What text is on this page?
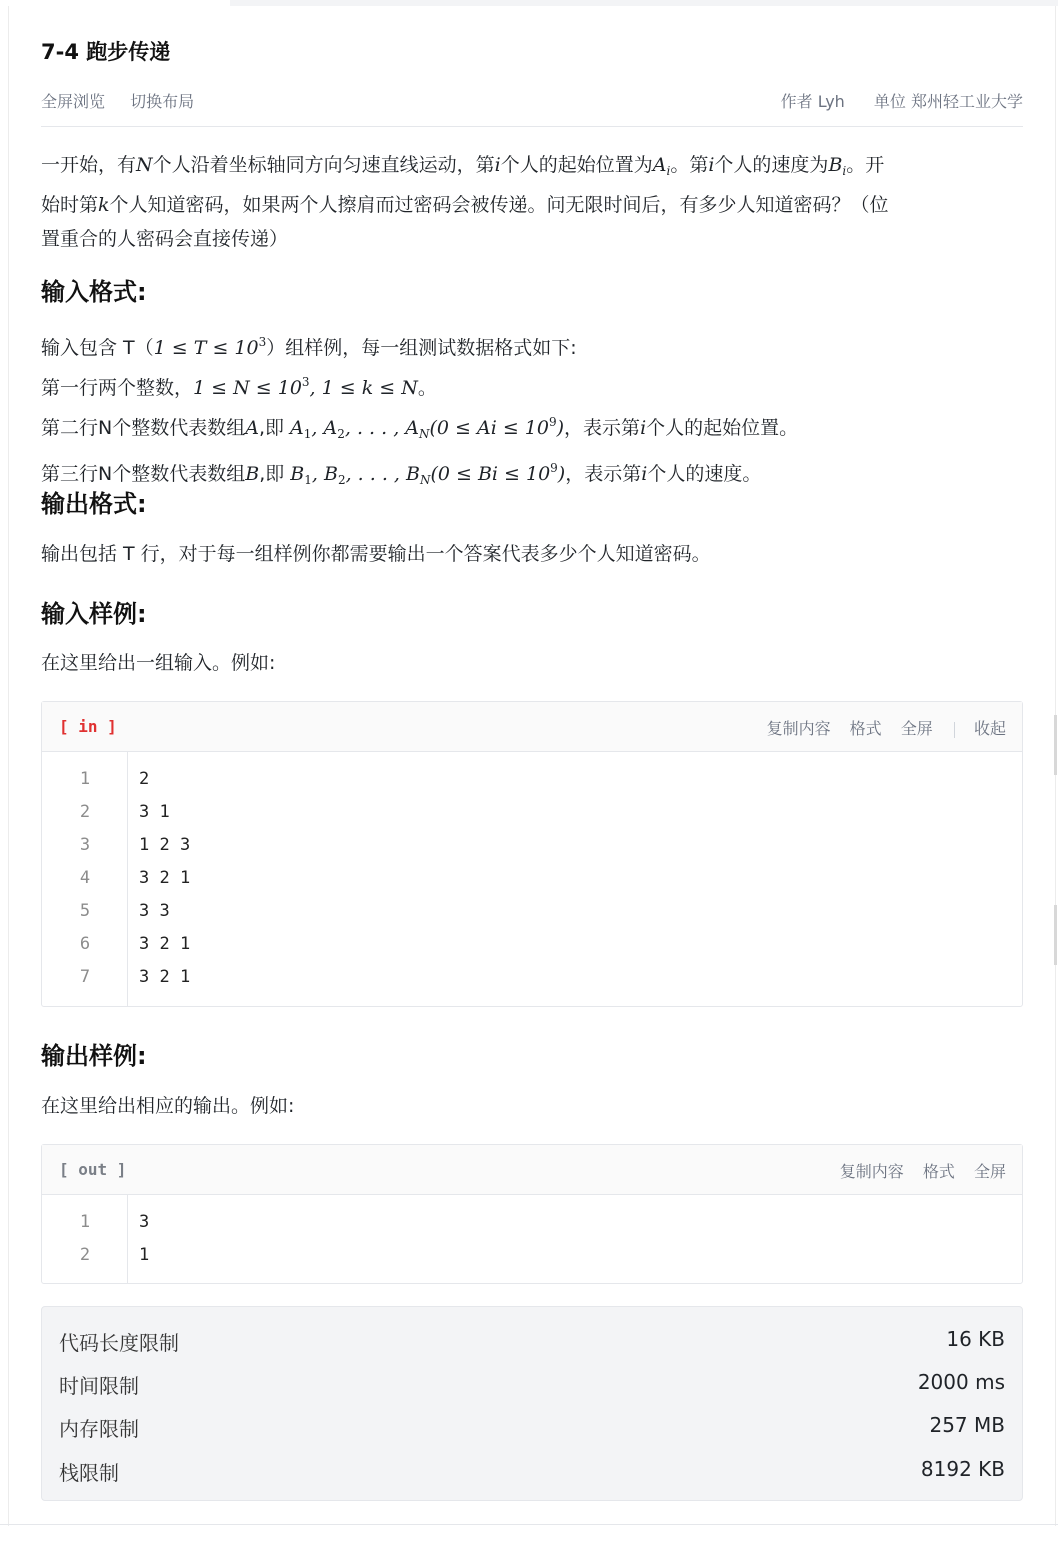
7-4 跑步传递
全屏浏览 切换布局	作者 Lyh 单位 郑州轻工业大学
一开始，有N个人沿着坐标轴同方向匀速直线运动，第i个人的起始位置为$A_i$。第i个人的速度为$B_i$。开
始时第k个人知道密码，如果两个人擦肩而过密码会被传递。问无限时间后，有多少人知道密码？（位
置重合的人密码会直接传递）
输入格式:
输入包含 $T(1 \le T \le 10^3)$组样例，每一组测试数据格式如下:
第一行两个整数，$1 \le N \le 10^3$, 1 ≤ k ≤ N。
第二行N个整数代表数组A,即 $A_1$, $A_2$, . . . , $A_N(0 \le Ai \le 10^9)$，表示第i个人的起始位置。
第三行N个整数代表数组B,即 $B_1$, $B_2$, . . . , $B_N(0 \le Bi \le 10^9)$，表示第i个人的速度。
输出格式:
输出包括 T 行，对于每一组样例你都需要输出一个答案代表多少个人知道密码。
输入样例:
在这里给出一组输入。例如:
[ in ]	复制内容 格式 全屏	收起
1	2
2	3 1
3	1 2 3
4	3 2 1
5	3 3
6	3 2 1
7	3 2 1
输出样例:
在这里给出相应的输出。例如:
[ out ]	复制内容 格式 全屏
1	3
2	1
代码长度限制	16 KB
时间限制	2000 ms
内存限制	257 MB
栈限制	8192 KB
